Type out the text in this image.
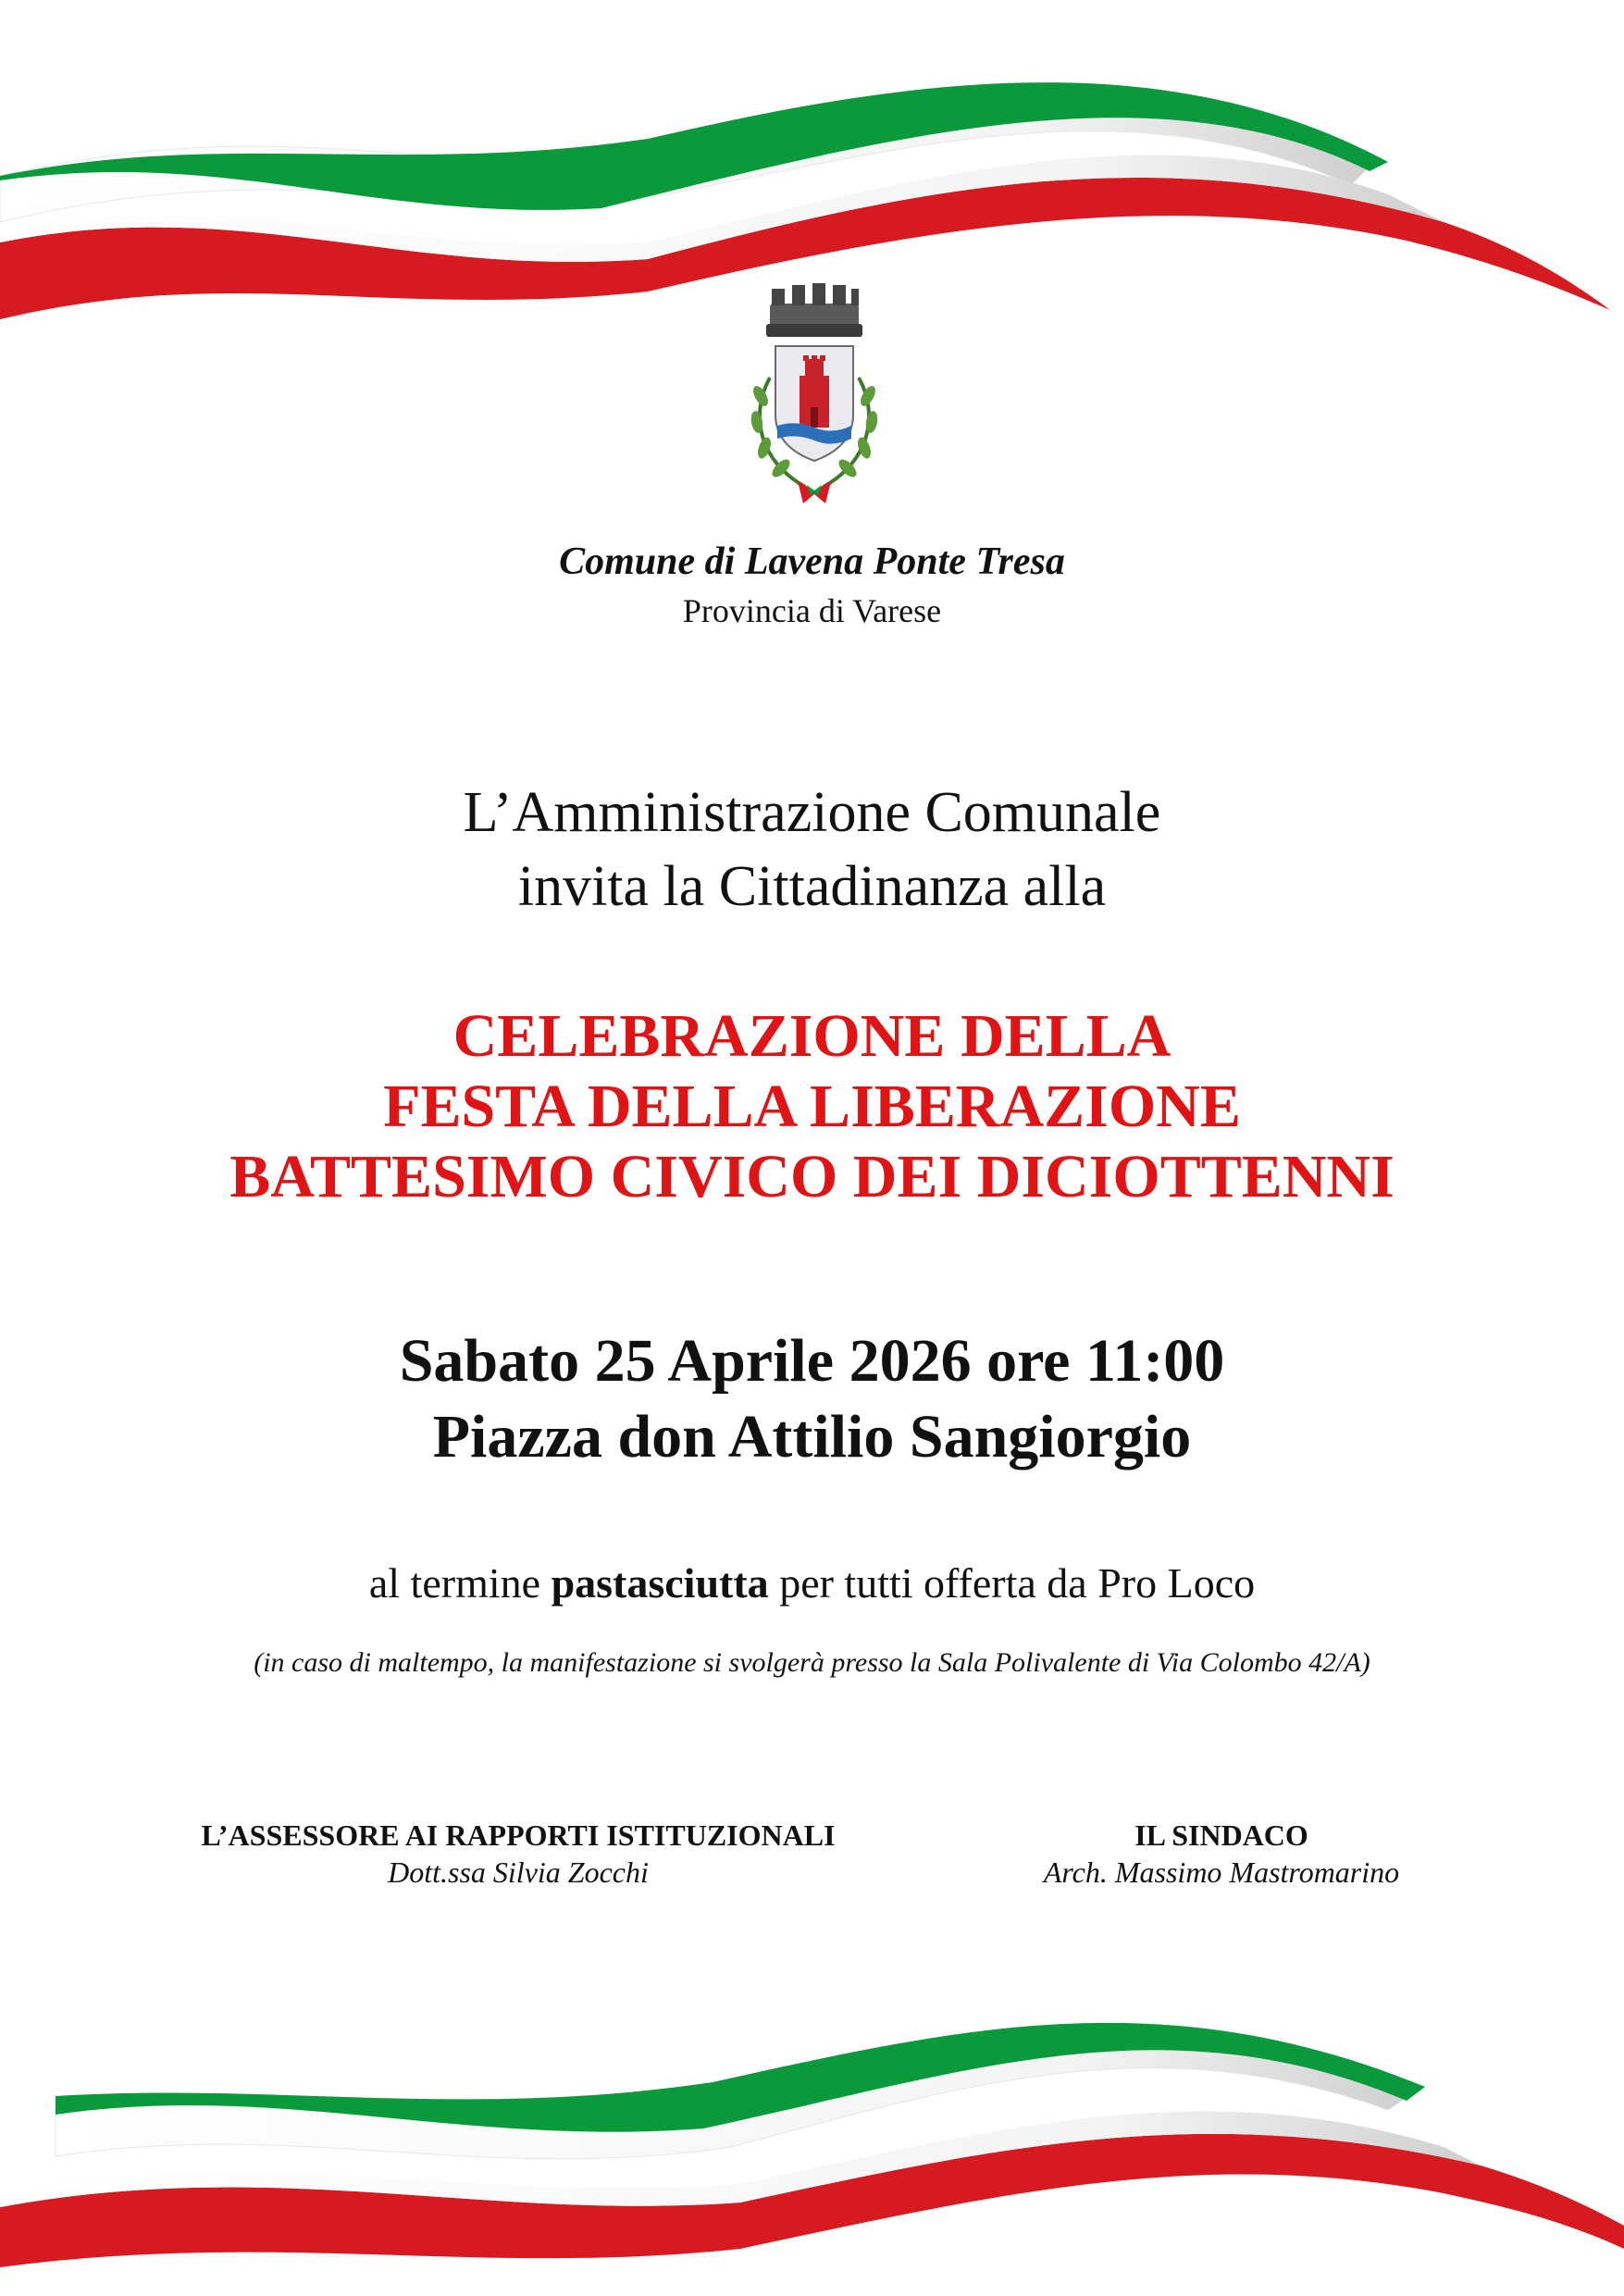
Comune di Lavena Ponte Tresa
Provincia di Varese
L’Amministrazione Comunale
invita la Cittadinanza alla
CELEBRAZIONE DELLA
FESTA DELLA LIBERAZIONE
BATTESIMO CIVICO DEI DICIOTTENNI
Sabato 25 Aprile 2026 ore 11:00
Piazza don Attilio Sangiorgio
al termine pastasciutta per tutti offerta da Pro Loco
(in caso di maltempo, la manifestazione si svolgerà presso la Sala Polivalente di Via Colombo 42/A)
L’ASSESSORE AI RAPPORTI ISTITUZIONALI
Dott.ssa Silvia Zocchi
IL SINDACO
Arch. Massimo Mastromarino
